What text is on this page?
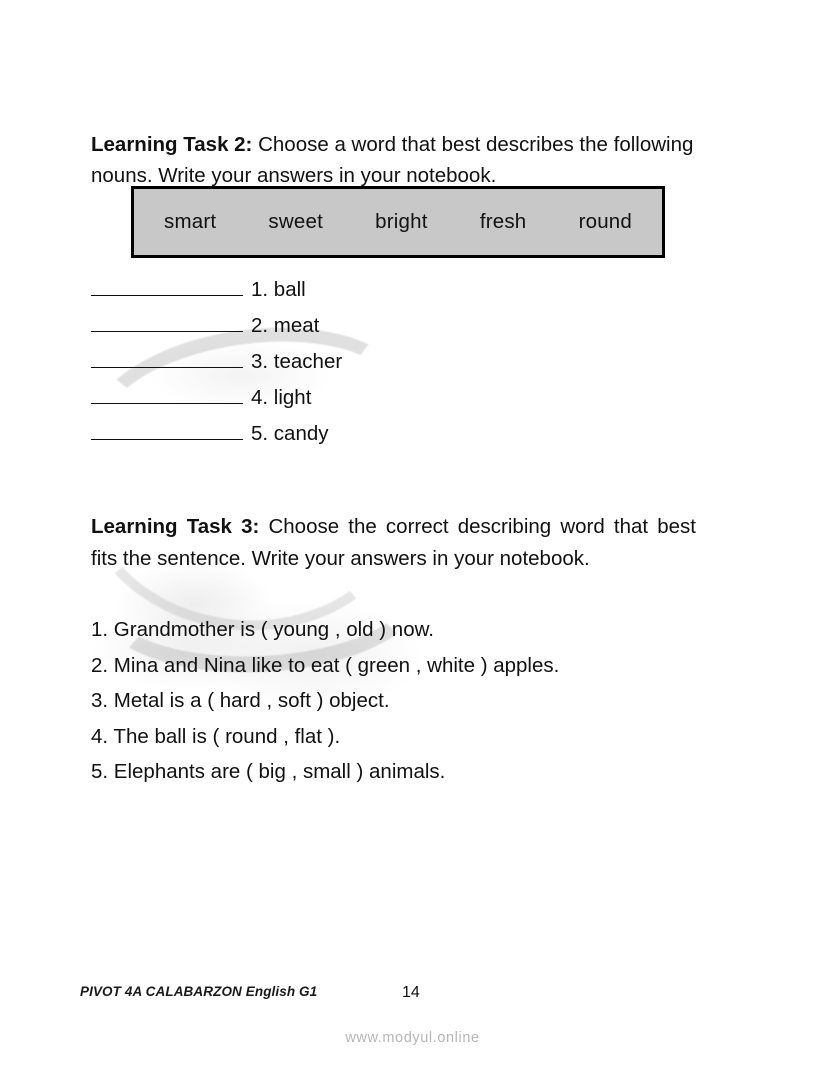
Learning Task 2: Choose a word that best describes the following nouns. Write your answers in your notebook.

smart	sweet	bright	fresh	round
1. ball
2. meat
3. teacher
4. light
5. candy

Learning Task 3: Choose the correct describing word that best fits the sentence. Write your answers in your notebook.

1. Grandmother is ( young , old ) now.
2. Mina and Nina like to eat ( green , white ) apples.
3. Metal is a ( hard , soft ) object.
4. The ball is ( round , flat ).
5. Elephants are ( big , small ) animals.
PIVOT 4A CALABARZON English G1	14
www.modyul.online
